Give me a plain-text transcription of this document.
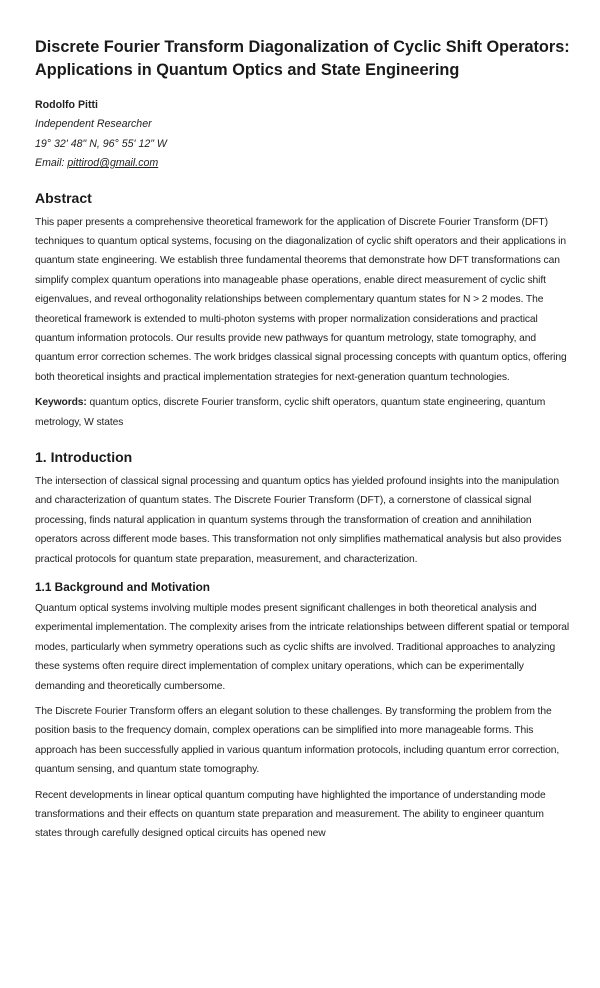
Discrete Fourier Transform Diagonalization of Cyclic Shift Operators: Applications in Quantum Optics and State Engineering
Rodolfo Pitti
Independent Researcher
19° 32' 48" N, 96° 55' 12" W
Email: pittirod@gmail.com
Abstract

This paper presents a comprehensive theoretical framework for the application of Discrete Fourier Transform (DFT) techniques to quantum optical systems, focusing on the diagonalization of cyclic shift operators and their applications in quantum state engineering. We establish three fundamental theorems that demonstrate how DFT transformations can simplify complex quantum operations into manageable phase operations, enable direct measurement of cyclic shift eigenvalues, and reveal orthogonality relationships between complementary quantum states for N > 2 modes. The theoretical framework is extended to multi-photon systems with proper normalization considerations and practical quantum information protocols. Our results provide new pathways for quantum metrology, state tomography, and quantum error correction schemes. The work bridges classical signal processing concepts with quantum optics, offering both theoretical insights and practical implementation strategies for next-generation quantum technologies.

Keywords: quantum optics, discrete Fourier transform, cyclic shift operators, quantum state engineering, quantum metrology, W states

1. Introduction

The intersection of classical signal processing and quantum optics has yielded profound insights into the manipulation and characterization of quantum states. The Discrete Fourier Transform (DFT), a cornerstone of classical signal processing, finds natural application in quantum systems through the transformation of creation and annihilation operators across different mode bases. This transformation not only simplifies mathematical analysis but also provides practical protocols for quantum state preparation, measurement, and characterization.

1.1 Background and Motivation

Quantum optical systems involving multiple modes present significant challenges in both theoretical analysis and experimental implementation. The complexity arises from the intricate relationships between different spatial or temporal modes, particularly when symmetry operations such as cyclic shifts are involved. Traditional approaches to analyzing these systems often require direct implementation of complex unitary operations, which can be experimentally demanding and theoretically cumbersome.

The Discrete Fourier Transform offers an elegant solution to these challenges. By transforming the problem from the position basis to the frequency domain, complex operations can be simplified into more manageable forms. This approach has been successfully applied in various quantum information protocols, including quantum error correction, quantum sensing, and quantum state tomography.

Recent developments in linear optical quantum computing have highlighted the importance of understanding mode transformations and their effects on quantum state preparation and measurement. The ability to engineer quantum states through carefully designed optical circuits has opened new
